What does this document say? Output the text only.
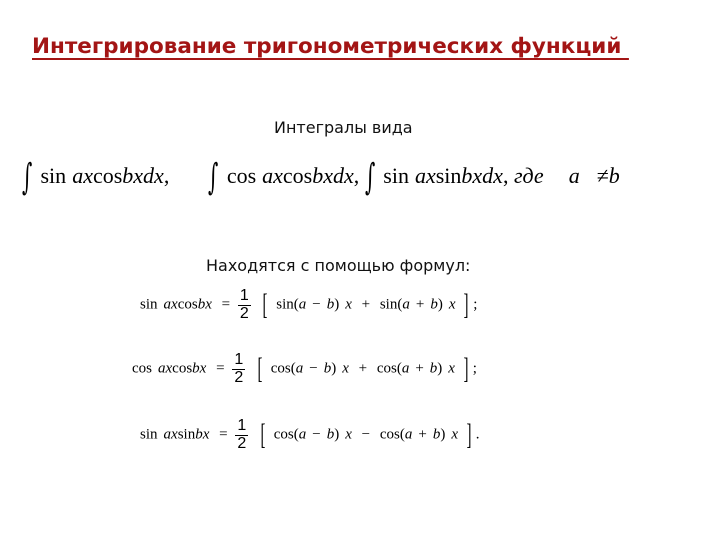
Интегрирование тригонометрических функций
Интегралы вида
∫ sin axcosbxdx, ∫ cos axcosbxdx, ∫ sin axsinbxdx, где a ≠b
Находятся с помощью формул:
sin axcosbx = $\frac{1}{2}$ [ sin(a − b) x + sin(a + b) x ] ;
cos axcosbx = $\frac{1}{2}$ [ cos(a − b) x + cos(a + b) x ] ;
sin axsinbx = $\frac{1}{2}$ [ cos(a − b) x − cos(a + b) x ] .
